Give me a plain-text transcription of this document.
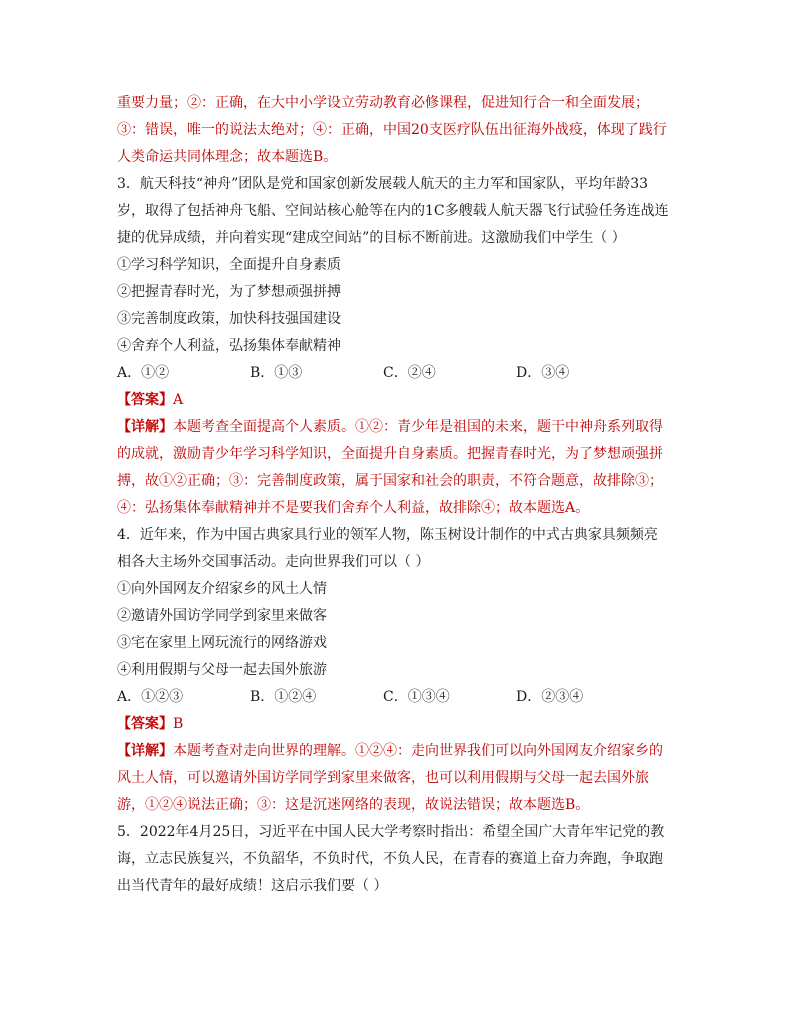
重要力量；②：正确，在大中小学设立劳动教育必修课程，促进知行合一和全面发展；
③：错误，唯一的说法太绝对；④：正确，中国20支医疗队伍出征海外战疫，体现了践行
人类命运共同体理念；故本题选B。
3．航天科技“神舟”团队是党和国家创新发展载人航天的主力军和国家队，平均年龄33
岁，取得了包括神舟飞船、空间站核心舱等在内的1C多艘载人航天器飞行试验任务连战连
捷的优异成绩，并向着实现“建成空间站”的目标不断前进。这激励我们中学生（ ）
①学习科学知识，全面提升自身素质
②把握青春时光，为了梦想顽强拼搏
③完善制度政策，加快科技强国建设
④舍弃个人利益，弘扬集体奉献精神
A．①②	B．①③	C．②④	D．③④
【答案】A
【详解】本题考查全面提高个人素质。①②：青少年是祖国的未来，题干中神舟系列取得
的成就，激励青少年学习科学知识，全面提升自身素质。把握青春时光，为了梦想顽强拼
搏，故①②正确；③：完善制度政策，属于国家和社会的职责，不符合题意，故排除③；
④：弘扬集体奉献精神并不是要我们舍弃个人利益，故排除④；故本题选A。
4．近年来，作为中国古典家具行业的领军人物，陈玉树设计制作的中式古典家具频频亮
相各大主场外交国事活动。走向世界我们可以（ ）
①向外国网友介绍家乡的风土人情
②邀请外国访学同学到家里来做客
③宅在家里上网玩流行的网络游戏
④利用假期与父母一起去国外旅游
A．①②③	B．①②④	C．①③④	D．②③④
【答案】B
【详解】本题考查对走向世界的理解。①②④：走向世界我们可以向外国网友介绍家乡的
风土人情，可以邀请外国访学同学到家里来做客，也可以利用假期与父母一起去国外旅
游，①②④说法正确；③：这是沉迷网络的表现，故说法错误；故本题选B。
5．2022年4月25日，习近平在中国人民大学考察时指出：希望全国广大青年牢记党的教
诲，立志民族复兴，不负韶华，不负时代，不负人民，在青春的赛道上奋力奔跑，争取跑
出当代青年的最好成绩！这启示我们要（ ）
